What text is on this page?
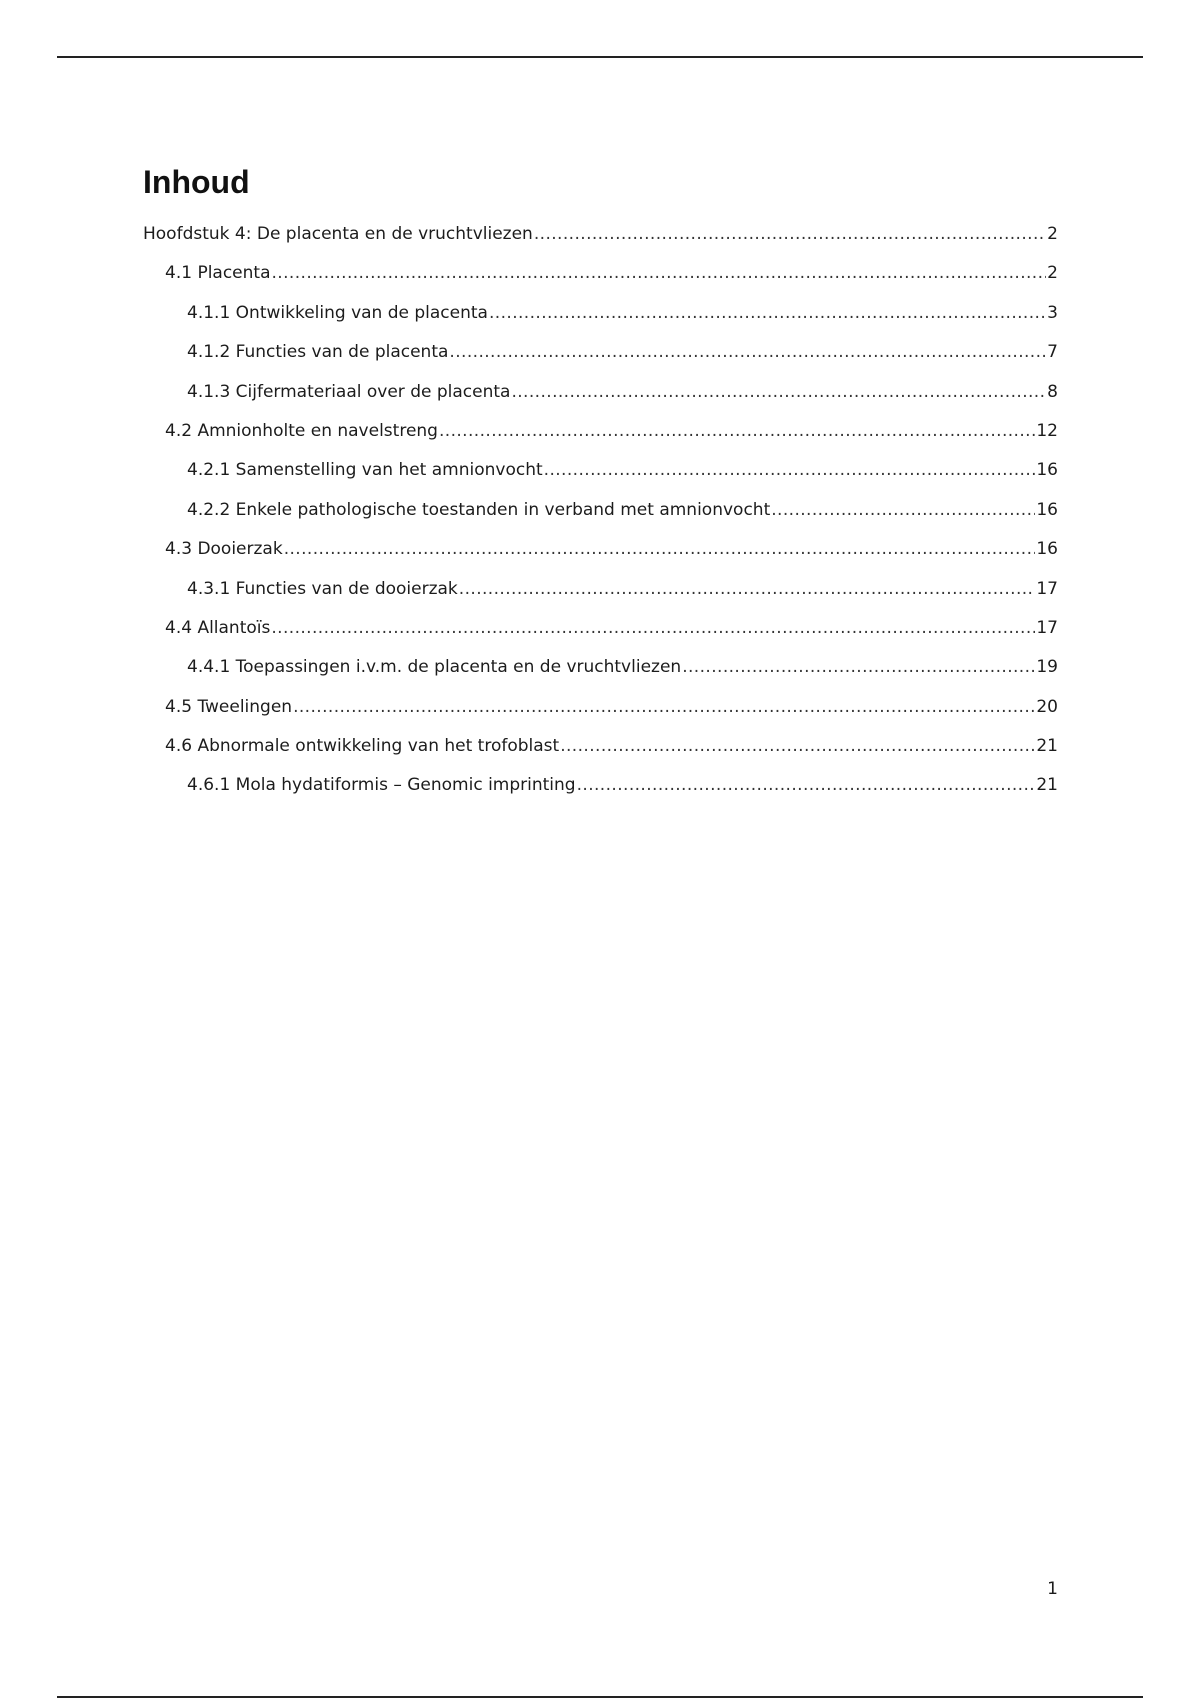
Inhoud
Hoofdstuk 4: De placenta en de vruchtvliezen .....	2
4.1 Placenta .....	2
4.1.1 Ontwikkeling van de placenta .....	3
4.1.2 Functies van de placenta .....	7
4.1.3 Cijfermateriaal over de placenta .....	8
4.2 Amnionholte en navelstreng .....	12
4.2.1 Samenstelling van het amnionvocht .....	16
4.2.2 Enkele pathologische toestanden in verband met amnionvocht .....	16
4.3 Dooierzak .....	16
4.3.1 Functies van de dooierzak .....	17
4.4 Allantoïs .....	17
4.4.1 Toepassingen i.v.m. de placenta en de vruchtvliezen .....	19
4.5 Tweelingen .....	20
4.6 Abnormale ontwikkeling van het trofoblast .....	21
4.6.1 Mola hydatiformis – Genomic imprinting .....	21
1
